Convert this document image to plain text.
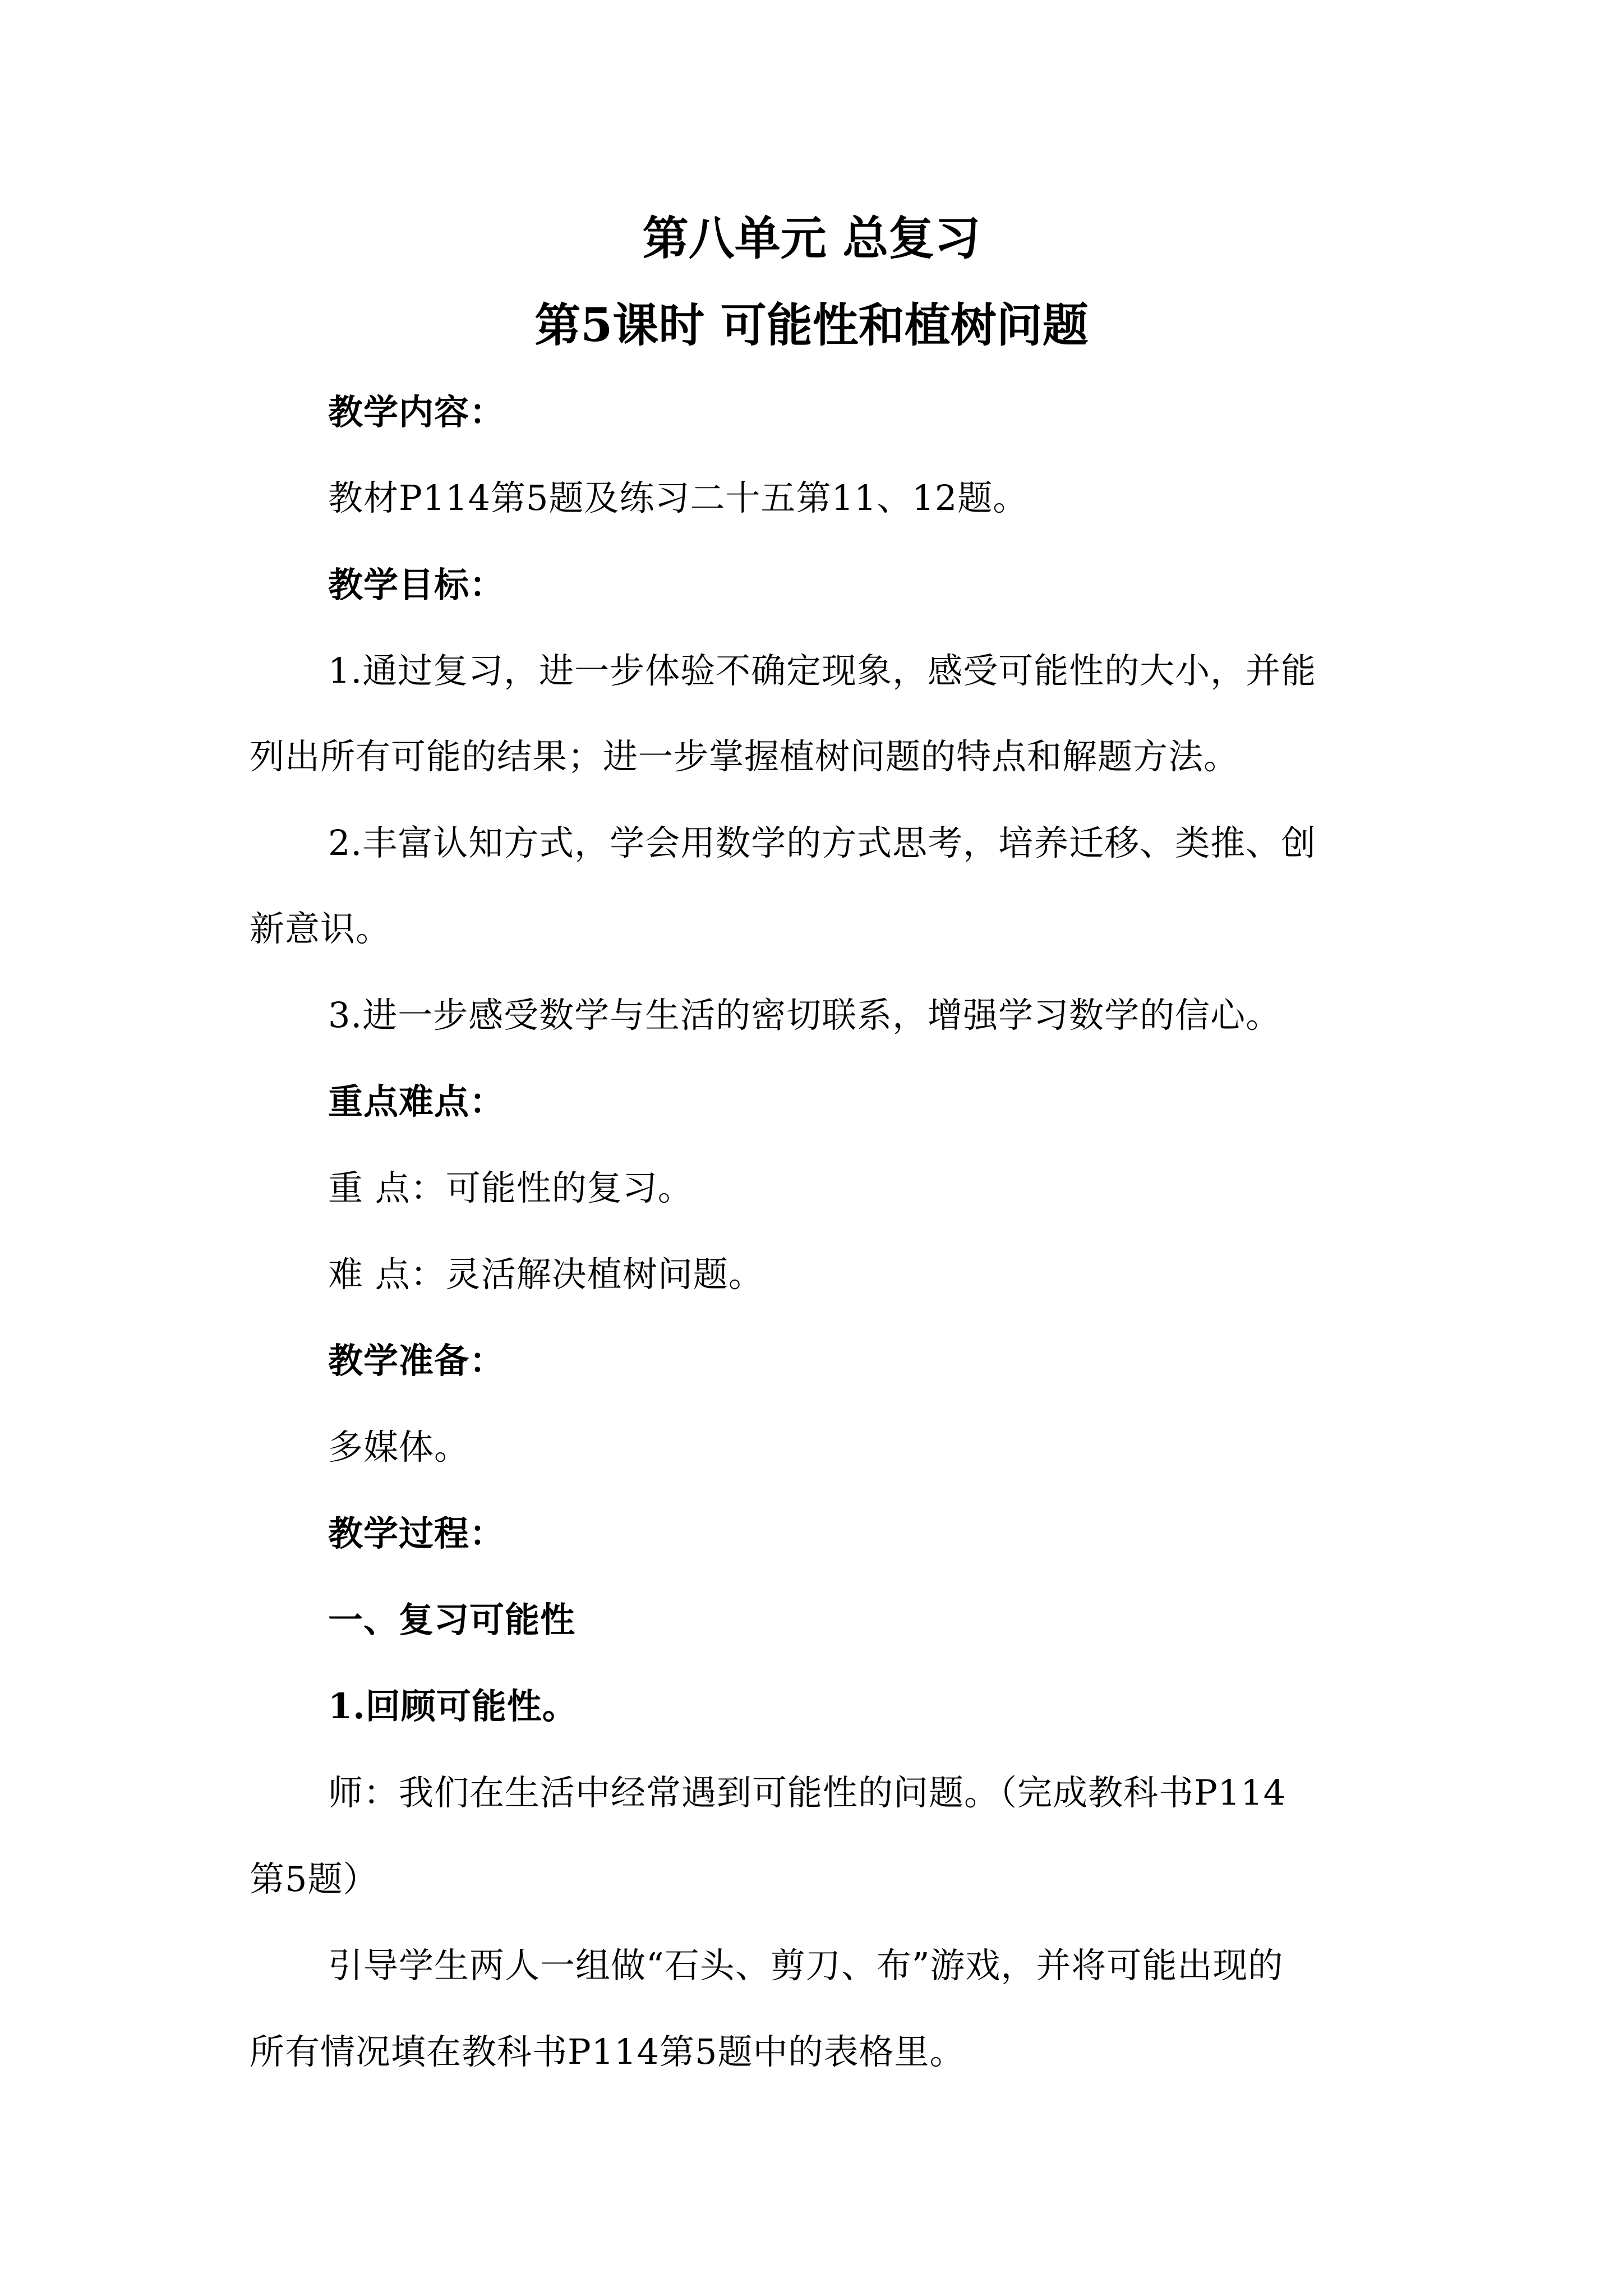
第八单元 总复习
第5课时 可能性和植树问题
教学内容：
教材P114第5题及练习二十五第11、12题。
教学目标：
1.通过复习，进一步体验不确定现象，感受可能性的大小，并能
列出所有可能的结果；进一步掌握植树问题的特点和解题方法。
2.丰富认知方式，学会用数学的方式思考，培养迁移、类推、创
新意识。
3.进一步感受数学与生活的密切联系，增强学习数学的信心。
重点难点：
重 点：可能性的复习。
难 点：灵活解决植树问题。
教学准备：
多媒体。
教学过程：
一、复习可能性
1.回顾可能性。
师：我们在生活中经常遇到可能性的问题。（完成教科书P114
第5题）
引导学生两人一组做“石头、剪刀、布”游戏，并将可能出现的
所有情况填在教科书P114第5题中的表格里。
